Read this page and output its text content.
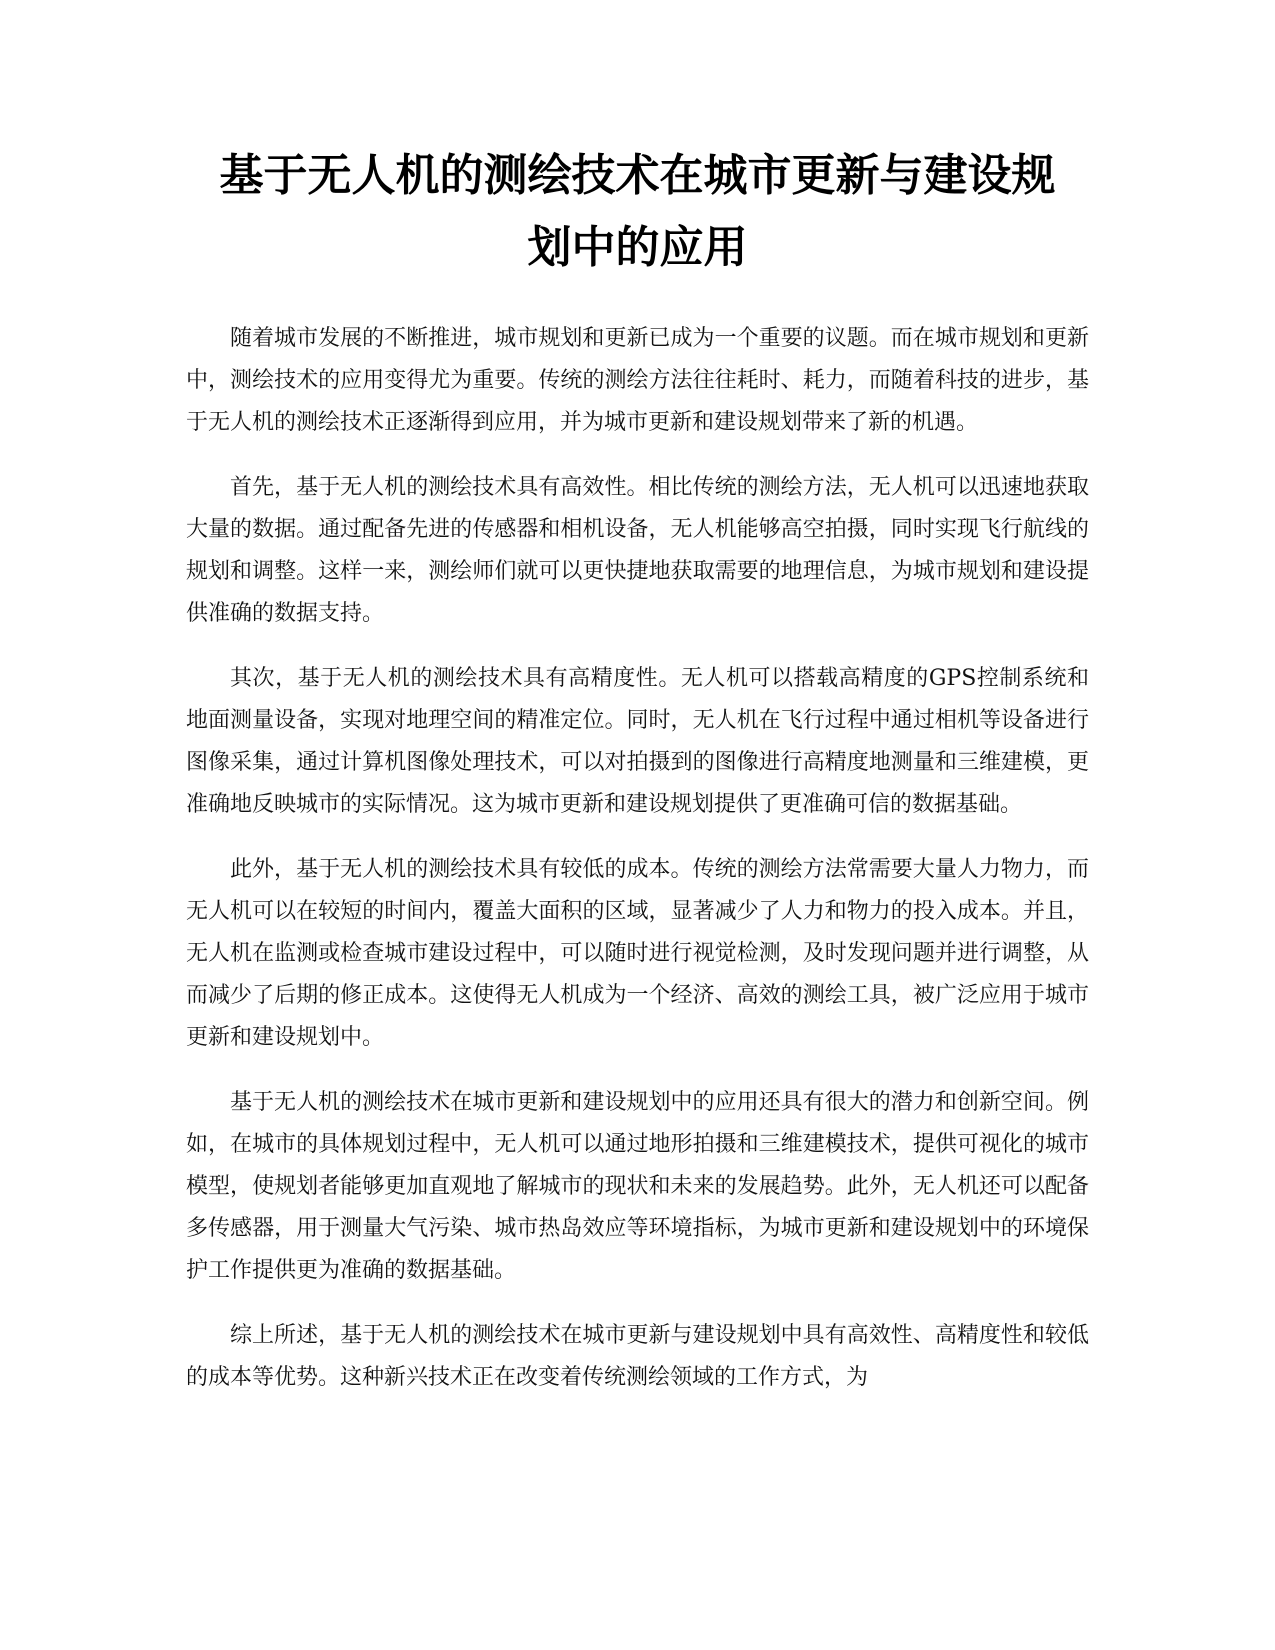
基于无人机的测绘技术在城市更新与建设规
划中的应用

随着城市发展的不断推进，城市规划和更新已成为一个重要的议题。而在城市规划和更新中，测绘技术的应用变得尤为重要。传统的测绘方法往往耗时、耗力，而随着科技的进步，基于无人机的测绘技术正逐渐得到应用，并为城市更新和建设规划带来了新的机遇。

首先，基于无人机的测绘技术具有高效性。相比传统的测绘方法，无人机可以迅速地获取大量的数据。通过配备先进的传感器和相机设备，无人机能够高空拍摄，同时实现飞行航线的规划和调整。这样一来，测绘师们就可以更快捷地获取需要的地理信息，为城市规划和建设提供准确的数据支持。

其次，基于无人机的测绘技术具有高精度性。无人机可以搭载高精度的GPS控制系统和地面测量设备，实现对地理空间的精准定位。同时，无人机在飞行过程中通过相机等设备进行图像采集，通过计算机图像处理技术，可以对拍摄到的图像进行高精度地测量和三维建模，更准确地反映城市的实际情况。这为城市更新和建设规划提供了更准确可信的数据基础。

此外，基于无人机的测绘技术具有较低的成本。传统的测绘方法常需要大量人力物力，而无人机可以在较短的时间内，覆盖大面积的区域，显著减少了人力和物力的投入成本。并且，无人机在监测或检查城市建设过程中，可以随时进行视觉检测，及时发现问题并进行调整，从而减少了后期的修正成本。这使得无人机成为一个经济、高效的测绘工具，被广泛应用于城市更新和建设规划中。

基于无人机的测绘技术在城市更新和建设规划中的应用还具有很大的潜力和创新空间。例如，在城市的具体规划过程中，无人机可以通过地形拍摄和三维建模技术，提供可视化的城市模型，使规划者能够更加直观地了解城市的现状和未来的发展趋势。此外，无人机还可以配备多传感器，用于测量大气污染、城市热岛效应等环境指标，为城市更新和建设规划中的环境保护工作提供更为准确的数据基础。

综上所述，基于无人机的测绘技术在城市更新与建设规划中具有高效性、高精度性和较低的成本等优势。这种新兴技术正在改变着传统测绘领域的工作方式，为
